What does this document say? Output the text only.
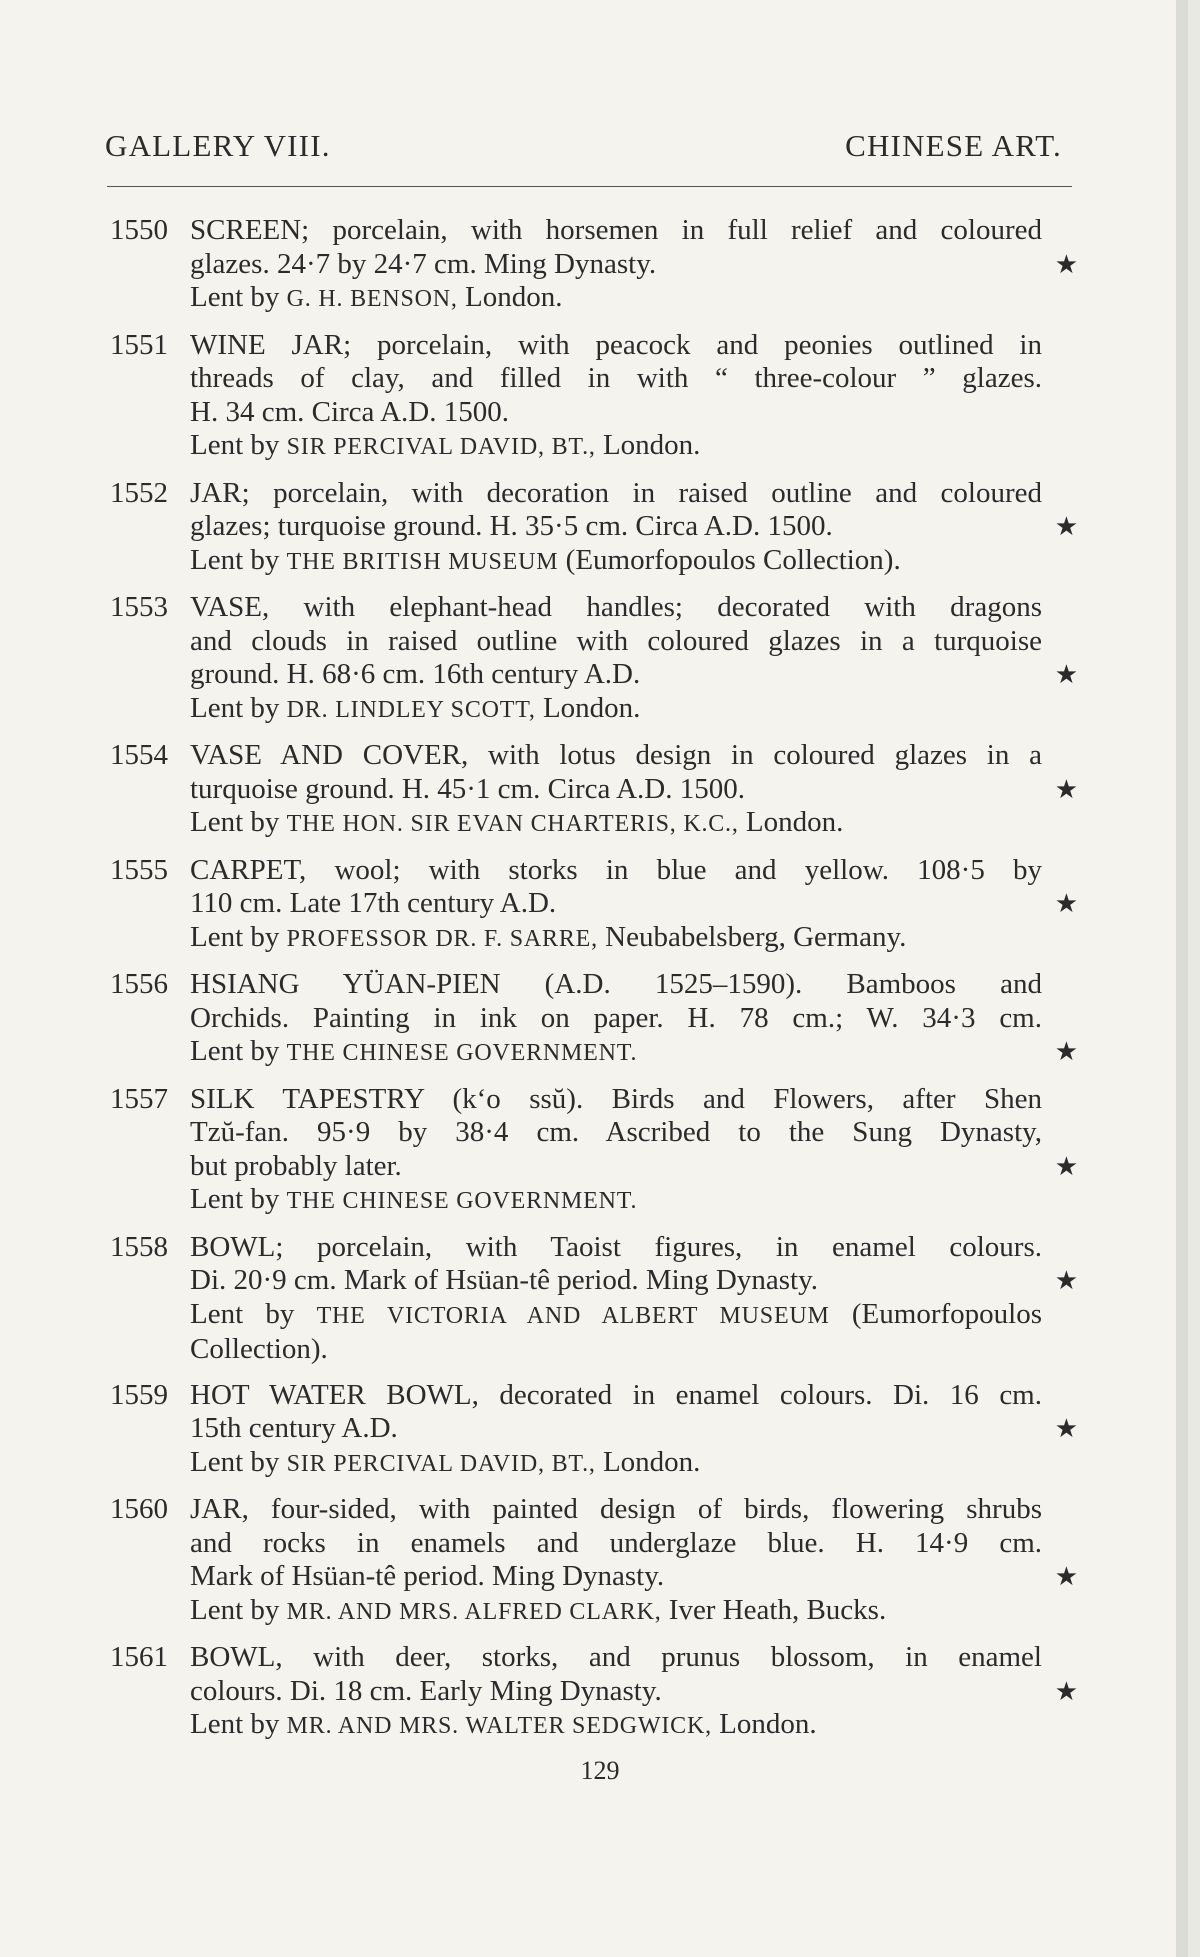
GALLERY VIII.	CHINESE ART.
1550 SCREEN; porcelain, with horsemen in full relief and coloured
glazes. 24·7 by 24·7 cm. Ming Dynasty.	★
Lent by G. H. BENSON, London.
1551 WINE JAR; porcelain, with peacock and peonies outlined in
threads of clay, and filled in with “ three-colour ” glazes.
H. 34 cm. Circa A.D. 1500.
Lent by SIR PERCIVAL DAVID, BT., London.
1552 JAR; porcelain, with decoration in raised outline and coloured
glazes; turquoise ground. H. 35·5 cm. Circa A.D. 1500.	★
Lent by THE BRITISH MUSEUM (Eumorfopoulos Collection).
1553 VASE, with elephant-head handles; decorated with dragons
and clouds in raised outline with coloured glazes in a turquoise
ground. H. 68·6 cm. 16th century A.D.	★
Lent by DR. LINDLEY SCOTT, London.
1554 VASE AND COVER, with lotus design in coloured glazes in a
turquoise ground. H. 45·1 cm. Circa A.D. 1500.	★
Lent by THE HON. SIR EVAN CHARTERIS, K.C., London.
1555 CARPET, wool; with storks in blue and yellow. 108·5 by
110 cm. Late 17th century A.D.	★
Lent by PROFESSOR DR. F. SARRE, Neubabelsberg, Germany.
1556 HSIANG YÜAN-PIEN (A.D. 1525–1590). Bamboos and
Orchids. Painting in ink on paper. H. 78 cm.; W. 34·3 cm.
Lent by THE CHINESE GOVERNMENT.	★
1557 SILK TAPESTRY (k‘o ssŭ). Birds and Flowers, after Shen
Tzŭ-fan. 95·9 by 38·4 cm. Ascribed to the Sung Dynasty,
but probably later.	★
Lent by THE CHINESE GOVERNMENT.
1558 BOWL; porcelain, with Taoist figures, in enamel colours.
Di. 20·9 cm. Mark of Hsüan-tê period. Ming Dynasty.	★
Lent by THE VICTORIA AND ALBERT MUSEUM (Eumorfopoulos
Collection).
1559 HOT WATER BOWL, decorated in enamel colours. Di. 16 cm.
15th century A.D.	★
Lent by SIR PERCIVAL DAVID, BT., London.
1560 JAR, four-sided, with painted design of birds, flowering shrubs
and rocks in enamels and underglaze blue. H. 14·9 cm.
Mark of Hsüan-tê period. Ming Dynasty.	★
Lent by MR. AND MRS. ALFRED CLARK, Iver Heath, Bucks.
1561 BOWL, with deer, storks, and prunus blossom, in enamel
colours. Di. 18 cm. Early Ming Dynasty.	★
Lent by MR. AND MRS. WALTER SEDGWICK, London.
129
